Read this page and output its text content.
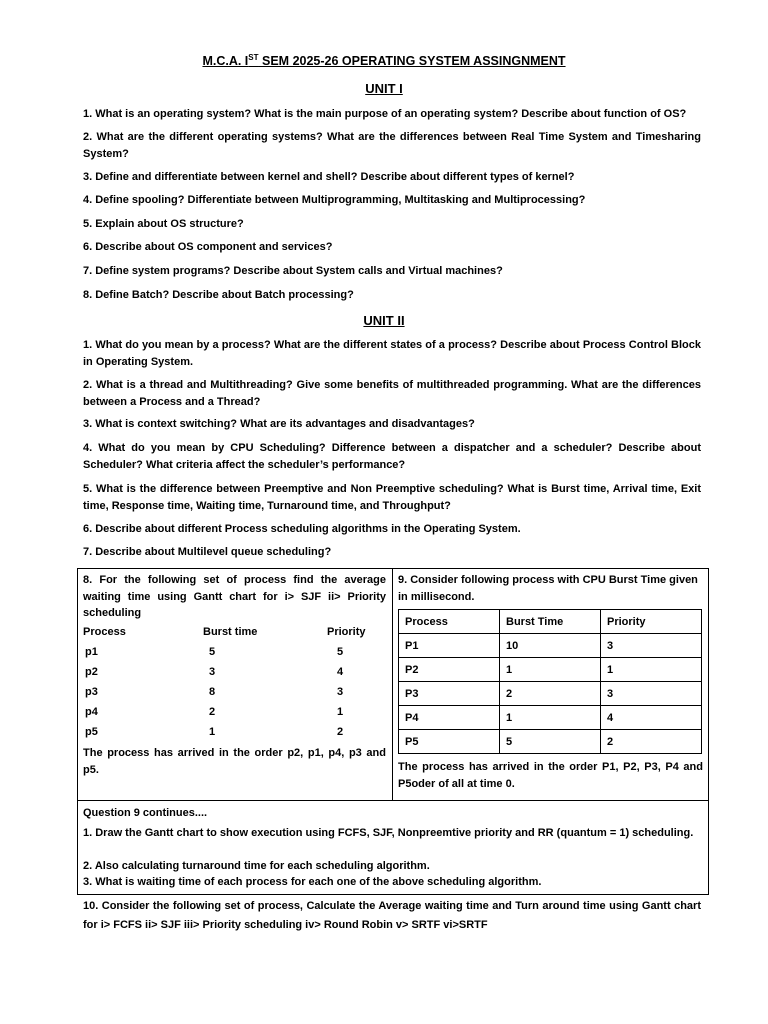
M.C.A. IST SEM 2025-26 OPERATING SYSTEM ASSINGNMENT
UNIT I
1. What is an operating system? What is the main purpose of an operating system? Describe about function of OS?
2. What are the different operating systems? What are the differences between Real Time System and Timesharing System?
3. Define and differentiate between kernel and shell? Describe about different types of kernel?
4. Define spooling? Differentiate between Multiprogramming, Multitasking and Multiprocessing?
5. Explain about OS structure?
6. Describe about OS component and services?
7. Define system programs? Describe about System calls and Virtual machines?
8. Define Batch? Describe about Batch processing?
UNIT II
1. What do you mean by a process? What are the different states of a process? Describe about Process Control Block in Operating System.
2. What is a thread and Multithreading? Give some benefits of multithreaded programming. What are the differences between a Process and a Thread?
3. What is context switching? What are its advantages and disadvantages?
4. What do you mean by CPU Scheduling? Difference between a dispatcher and a scheduler? Describe about Scheduler? What criteria affect the scheduler’s performance?
5. What is the difference between Preemptive and Non Preemptive scheduling? What is Burst time, Arrival time, Exit time, Response time, Waiting time, Turnaround time, and Throughput?
6. Describe about different Process scheduling algorithms in the Operating System.
7. Describe about Multilevel queue scheduling?
8. For the following set of process find the average waiting time using Gantt chart for i> SJF ii> Priority scheduling
Process	Burst time	Priority
p1	5	5
p2	3	4
p3	8	3
p4	2	1
p5	1	2
The process has arrived in the order p2, p1, p4, p3 and p5.
9. Consider following process with CPU Burst Time given in millisecond.
Process	Burst Time	Priority
P1	10	3
P2	1	1
P3	2	3
P4	1	4
P5	5	2
The process has arrived in the order P1, P2, P3, P4 and P5oder of all at time 0.
Question 9 continues....
1. Draw the Gantt chart to show execution using FCFS, SJF, Nonpreemtive priority and RR (quantum = 1) scheduling.
2. Also calculating turnaround time for each scheduling algorithm.
3. What is waiting time of each process for each one of the above scheduling algorithm.
10. Consider the following set of process, Calculate the Average waiting time and Turn around time using Gantt chart for i> FCFS ii> SJF iii> Priority scheduling iv> Round Robin v> SRTF vi>SRTF
